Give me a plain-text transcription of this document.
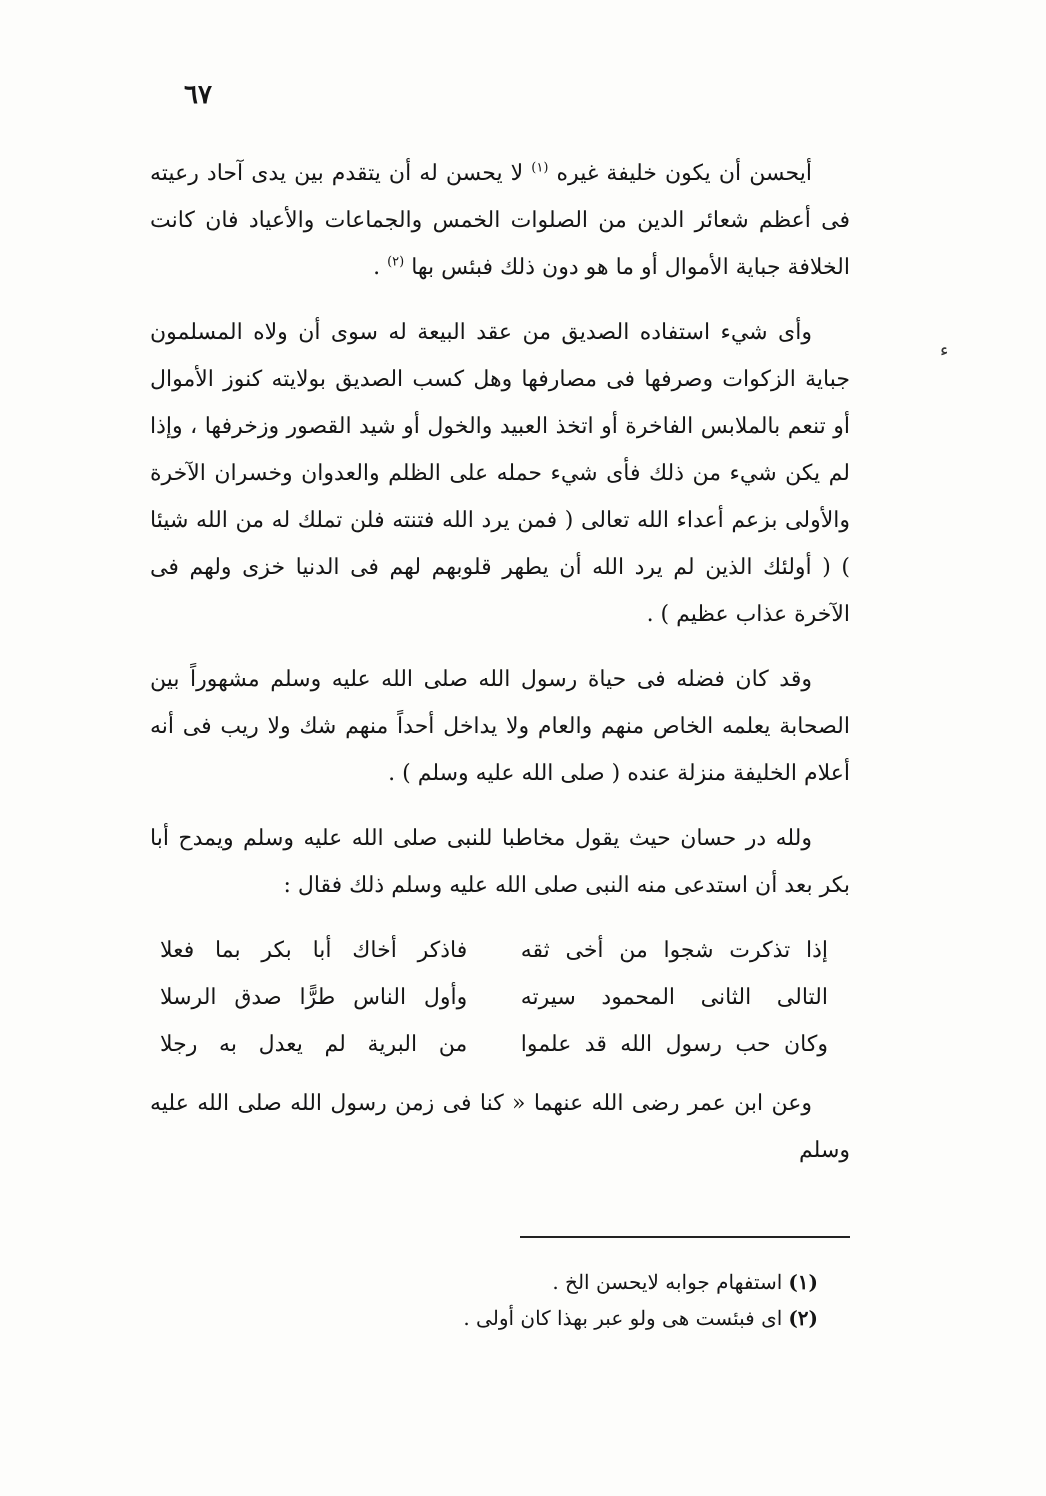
٦٧
ء

أيحسن أن يكون خليفة غيره $^{(١)}$ لا يحسن له أن يتقدم بين يدى آحاد رعيته فى أعظم شعائر الدين من الصلوات الخمس والجماعات والأعياد فان كانت الخلافة جباية الأموال أو ما هو دون ذلك فبئس بها $^{(٢)}$ .

وأى شيء استفاده الصديق من عقد البيعة له سوى أن ولاه المسلمون جباية الزكوات وصرفها فى مصارفها وهل كسب الصديق بولايته كنوز الأموال أو تنعم بالملابس الفاخرة أو اتخذ العبيد والخول أو شيد القصور وزخرفها ، وإذا لم يكن شيء من ذلك فأى شيء حمله على الظلم والعدوان وخسران الآخرة والأولى بزعم أعداء الله تعالى ( فمن يرد الله فتنته فلن تملك له من الله شيئا ) ( أولئك الذين لم يرد الله أن يطهر قلوبهم لهم فى الدنيا خزى ولهم فى الآخرة عذاب عظيم ) .

وقد كان فضله فى حياة رسول الله صلى الله عليه وسلم مشهوراً بين الصحابة يعلمه الخاص منهم والعام ولا يداخل أحداً منهم شك ولا ريب فى أنه أعلام الخليفة منزلة عنده ( صلى الله عليه وسلم ) .

ولله در حسان حيث يقول مخاطبا للنبى صلى الله عليه وسلم ويمدح أبا بكر بعد أن استدعى منه النبى صلى الله عليه وسلم ذلك فقال :

إذا تذكرت شجوا من أخى ثقه
فاذكر أخاك أبا بكر بما فعلا
التالى الثانى المحمود سيرته
وأول الناس طرًّا صدق الرسلا
وكان حب رسول الله قد علموا
من البرية لم يعدل به رجلا

وعن ابن عمر رضى الله عنهما « كنا فى زمن رسول الله صلى الله عليه وسلم

(١)استفهام جوابه لايحسن الخ .
(٢)اى فبئست هى ولو عبر بهذا كان أولى .
